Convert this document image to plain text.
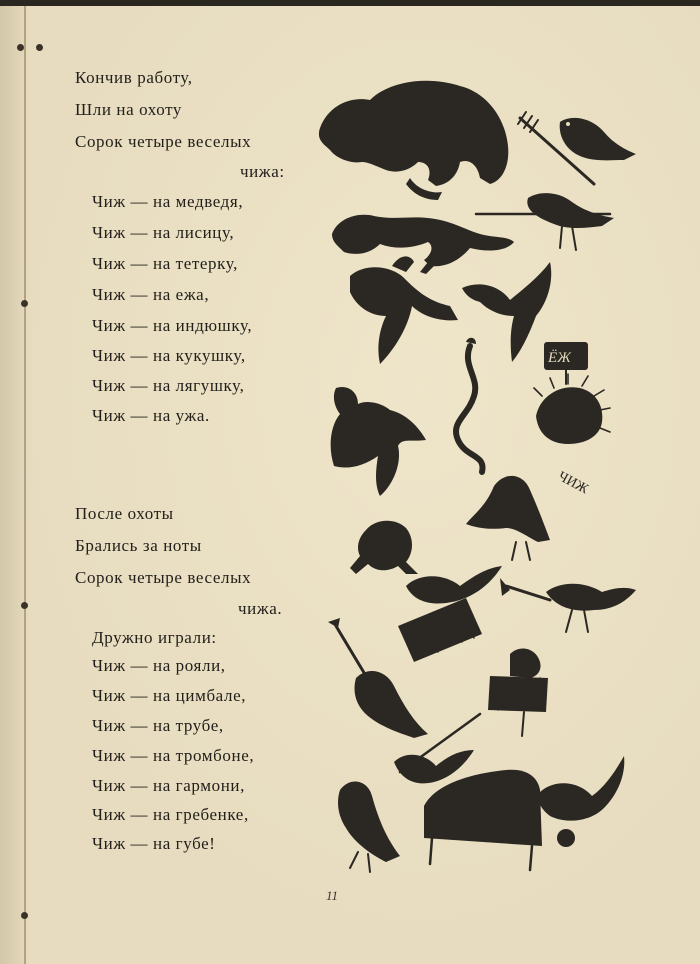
Кончив работу,
Шли на охоту
Сорок четыре веселых
чижа:
Чиж — на медведя,
Чиж — на лисицу,
Чиж — на тетерку,
Чиж — на ежа,
Чиж — на индюшку,
Чиж — на кукушку,
Чиж — на лягушку,
Чиж — на ужа.
После охоты
Брались за ноты
Сорок четыре веселых
чижа.
Дружно играли:
Чиж — на рояли,
Чиж — на цимбале,
Чиж — на трубе,
Чиж — на тромбоне,
Чиж — на гармони,
Чиж — на гребенке,
Чиж — на губе!
ЁЖ
ЧИЖ
11
